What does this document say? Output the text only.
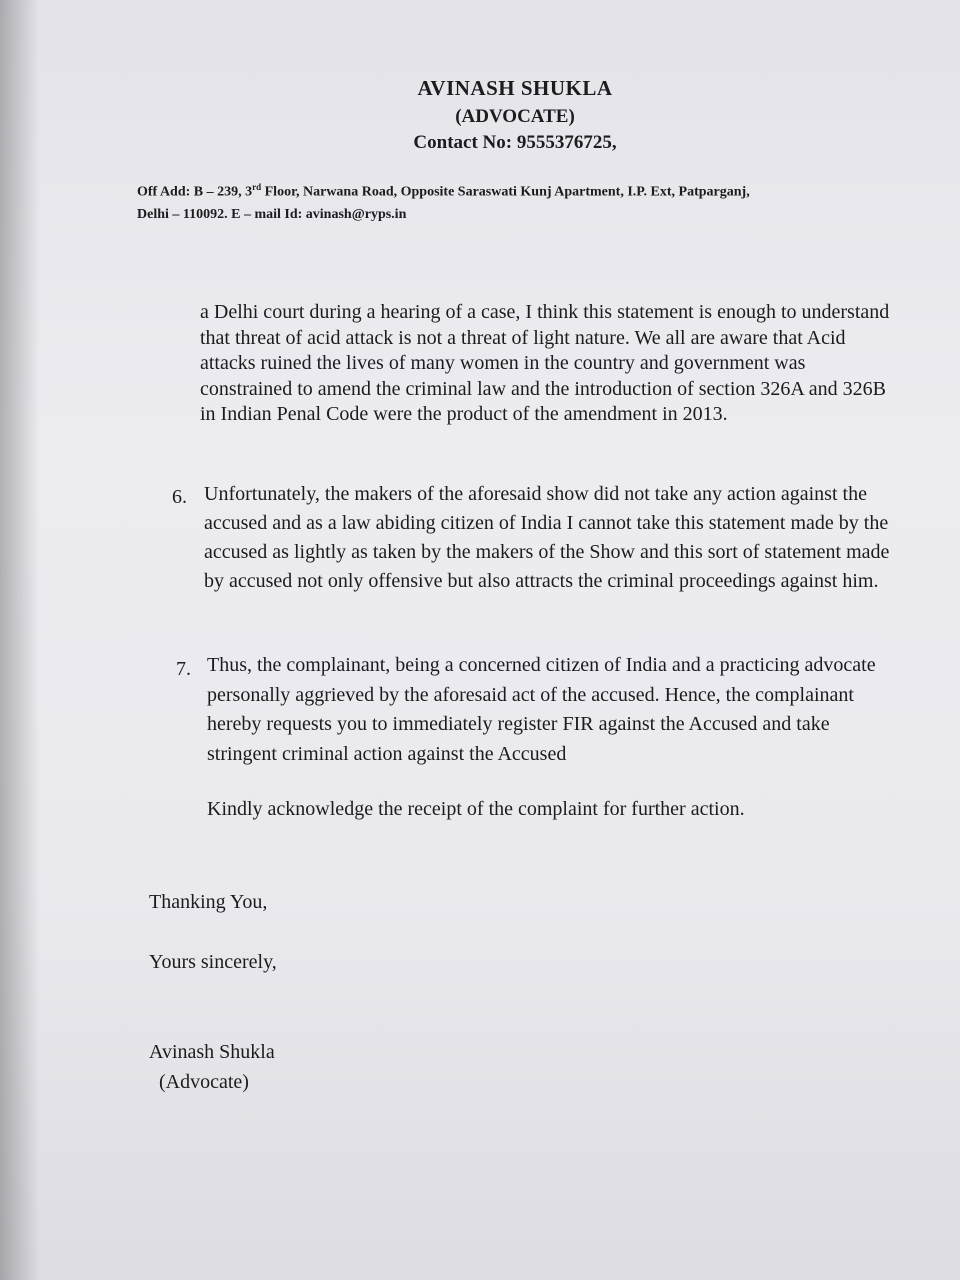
AVINASH SHUKLA
(ADVOCATE)
Contact No: 9555376725,
Off Add: B – 239, 3rd Floor, Narwana Road, Opposite Saraswati Kunj Apartment, I.P. Ext, Patparganj,
Delhi – 110092. E – mail Id: avinash@ryps.in
a Delhi court during a hearing of a case, I think this statement is enough to understand that threat of acid attack is not a threat of light nature. We all are aware that Acid attacks ruined the lives of many women in the country and government was constrained to amend the criminal law and the introduction of section 326A and 326B in Indian Penal Code were the product of the amendment in 2013.
6. Unfortunately, the makers of the aforesaid show did not take any action against the accused and as a law abiding citizen of India I cannot take this statement made by the accused as lightly as taken by the makers of the Show and this sort of statement made by accused not only offensive but also attracts the criminal proceedings against him.
7. Thus, the complainant, being a concerned citizen of India and a practicing advocate personally aggrieved by the aforesaid act of the accused. Hence, the complainant hereby requests you to immediately register FIR against the Accused and take stringent criminal action against the Accused
Kindly acknowledge the receipt of the complaint for further action.
Thanking You,
Yours sincerely,
Avinash Shukla
(Advocate)
